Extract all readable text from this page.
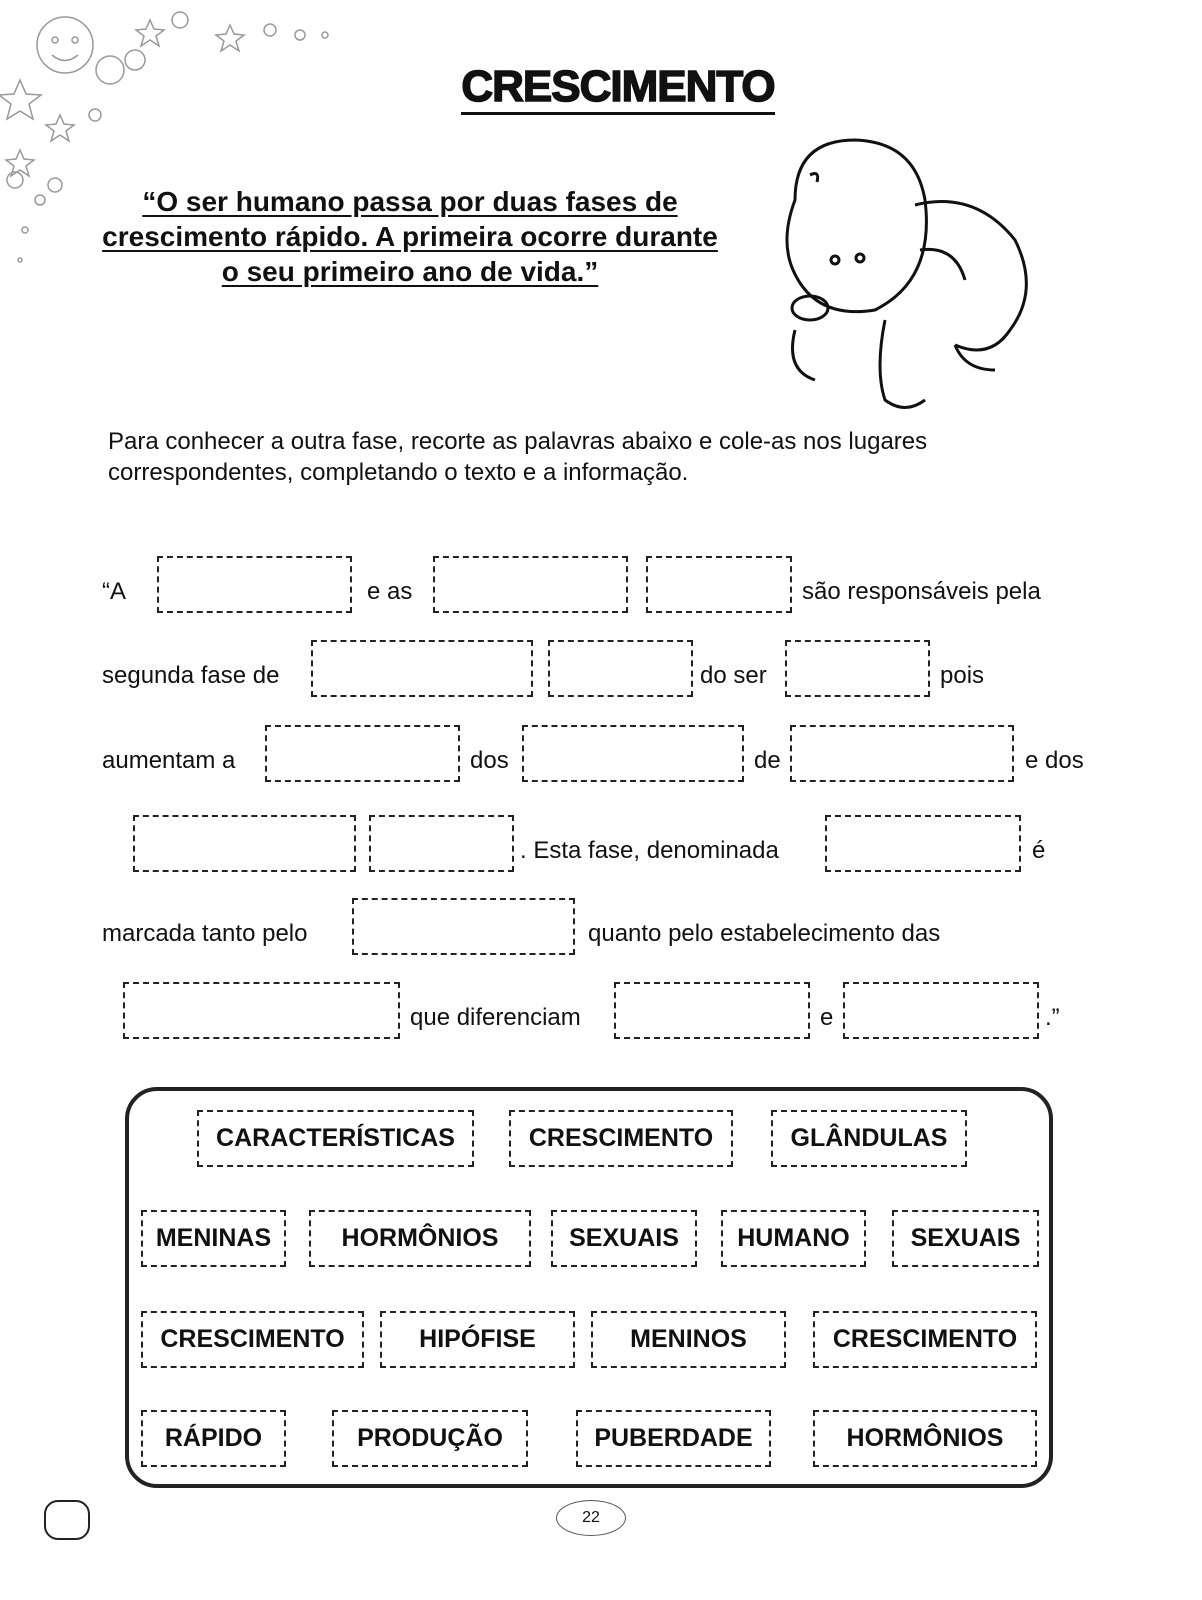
CRESCIMENTO
“O ser humano passa por duas fases de crescimento rápido. A primeira ocorre durante o seu primeiro ano de vida.”
Para conhecer a outra fase, recorte as palavras abaixo e cole-as nos lugares correspondentes, completando o texto e a informação.
“A	e as	são responsáveis pela
segunda fase de	do ser	pois
aumentam a	dos	de	e dos
. Esta fase, denominada	é
marcada tanto pelo	quanto pelo estabelecimento das
que diferenciam	e	.”
CARACTERÍSTICAS	CRESCIMENTO	GLÂNDULAS
MENINAS	HORMÔNIOS	SEXUAIS	HUMANO	SEXUAIS
CRESCIMENTO	HIPÓFISE	MENINOS	CRESCIMENTO
RÁPIDO	PRODUÇÃO	PUBERDADE	HORMÔNIOS
22
